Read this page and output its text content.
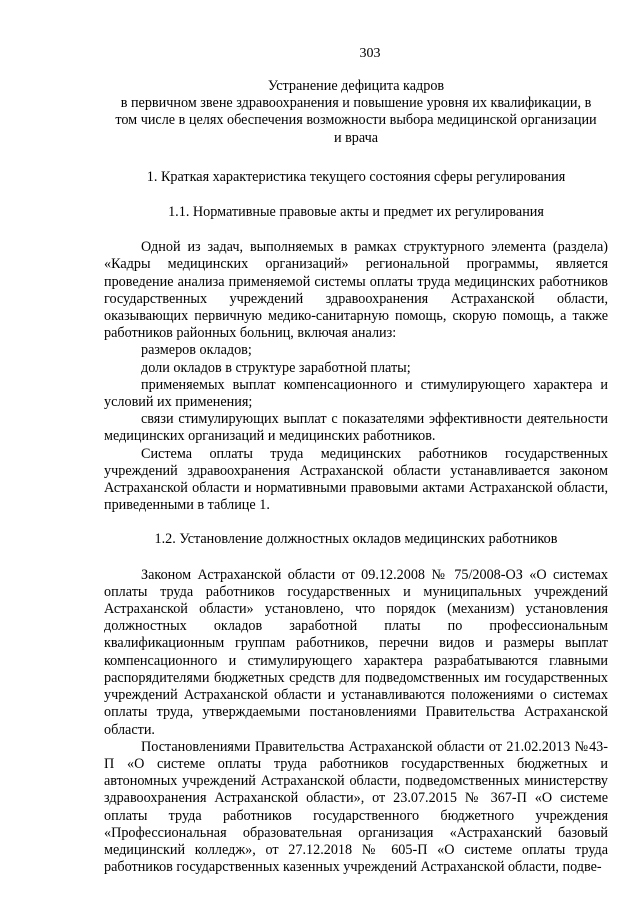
303

Устранение дефицита кадров
в первичном звене здравоохранения и повышение уровня их квалификации, в
том числе в целях обеспечения возможности выбора медицинской организации
и врача

1. Краткая характеристика текущего состояния сферы регулирования

1.1. Нормативные правовые акты и предмет их регулирования

Одной из задач, выполняемых в рамках структурного элемента (раздела) «Кадры медицинских организаций» региональной программы, является проведение анализа применяемой системы оплаты труда медицинских работников государственных учреждений здравоохранения Астраханской области, оказывающих первичную медико-санитарную помощь, скорую помощь, а также работников районных больниц, включая анализ:

размеров окладов;

доли окладов в структуре заработной платы;

применяемых выплат компенсационного и стимулирующего характера и условий их применения;

связи стимулирующих выплат с показателями эффективности деятельности медицинских организаций и медицинских работников.

Система оплаты труда медицинских работников государственных учреждений здравоохранения Астраханской области устанавливается законом Астраханской области и нормативными правовыми актами Астраханской области, приведенными в таблице 1.

1.2. Установление должностных окладов медицинских работников

Законом Астраханской области от 09.12.2008 № 75/2008-ОЗ «О системах оплаты труда работников государственных и муниципальных учреждений Астраханской области» установлено, что порядок (механизм) установления должностных окладов заработной платы по профессиональным квалификационным группам работников, перечни видов и размеры выплат компенсационного и стимулирующего характера разрабатываются главными распорядителями бюджетных средств для подведомственных им государственных учреждений Астраханской области и устанавливаются положениями о системах оплаты труда, утверждаемыми постановлениями Правительства Астраханской области.

Постановлениями Правительства Астраханской области от 21.02.2013 №43-П «О системе оплаты труда работников государственных бюджетных и автономных учреждений Астраханской области, подведомственных министерству здравоохранения Астраханской области», от 23.07.2015 № 367-П «О системе оплаты труда работников государственного бюджетного учреждения «Профессиональная образовательная организация «Астраханский базовый медицинский колледж», от 27.12.2018 № 605-П «О системе оплаты труда работников государственных казенных учреждений Астраханской области, подве-
